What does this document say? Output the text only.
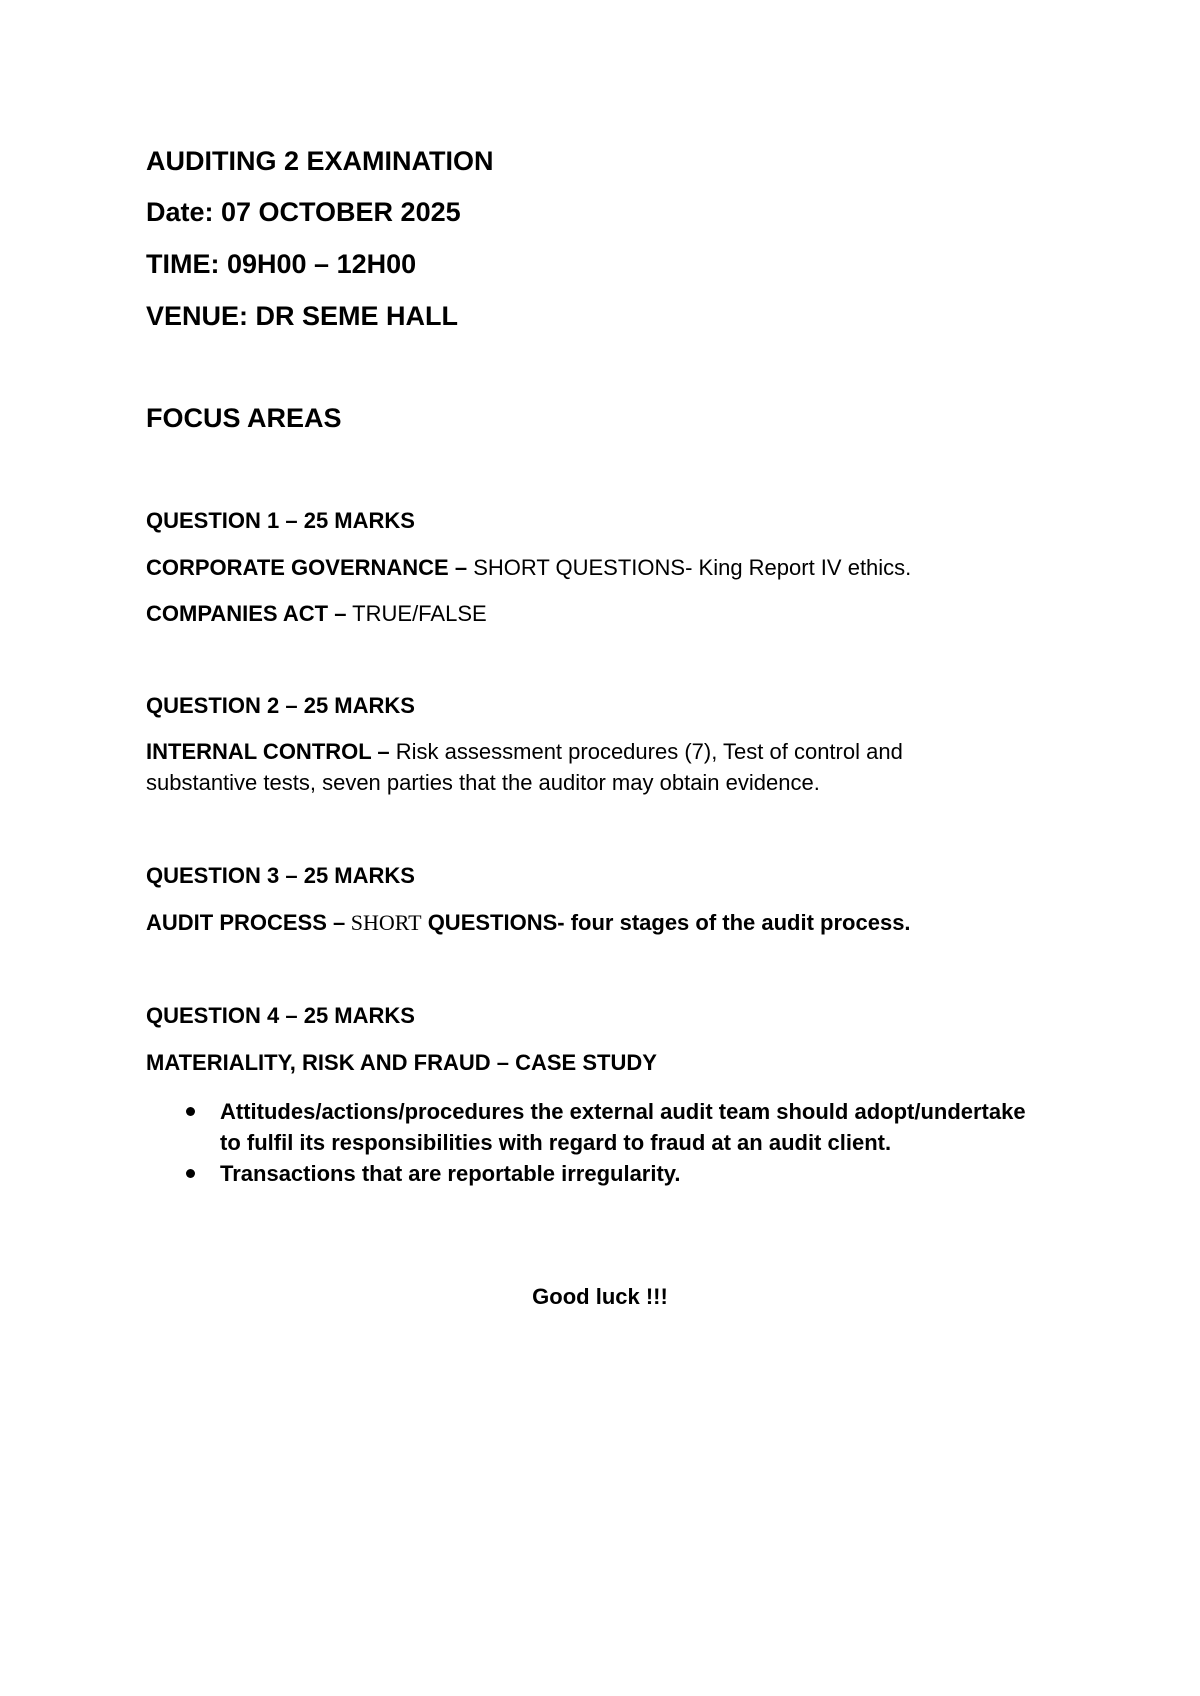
AUDITING 2 EXAMINATION

Date: 07 OCTOBER 2025

TIME: 09H00 – 12H00

VENUE: DR SEME HALL

FOCUS AREAS

QUESTION 1 – 25 MARKS

CORPORATE GOVERNANCE – SHORT QUESTIONS- King Report IV ethics.

COMPANIES ACT – TRUE/FALSE

QUESTION 2 – 25 MARKS

INTERNAL CONTROL – Risk assessment procedures (7), Test of control and substantive tests, seven parties that the auditor may obtain evidence.

QUESTION 3 – 25 MARKS

AUDIT PROCESS – SHORT QUESTIONS- four stages of the audit process.

QUESTION 4 – 25 MARKS

MATERIALITY, RISK AND FRAUD – CASE STUDY

Attitudes/actions/procedures the external audit team should adopt/undertake to fulfil its responsibilities with regard to fraud at an audit client.
Transactions that are reportable irregularity.

Good luck !!!
